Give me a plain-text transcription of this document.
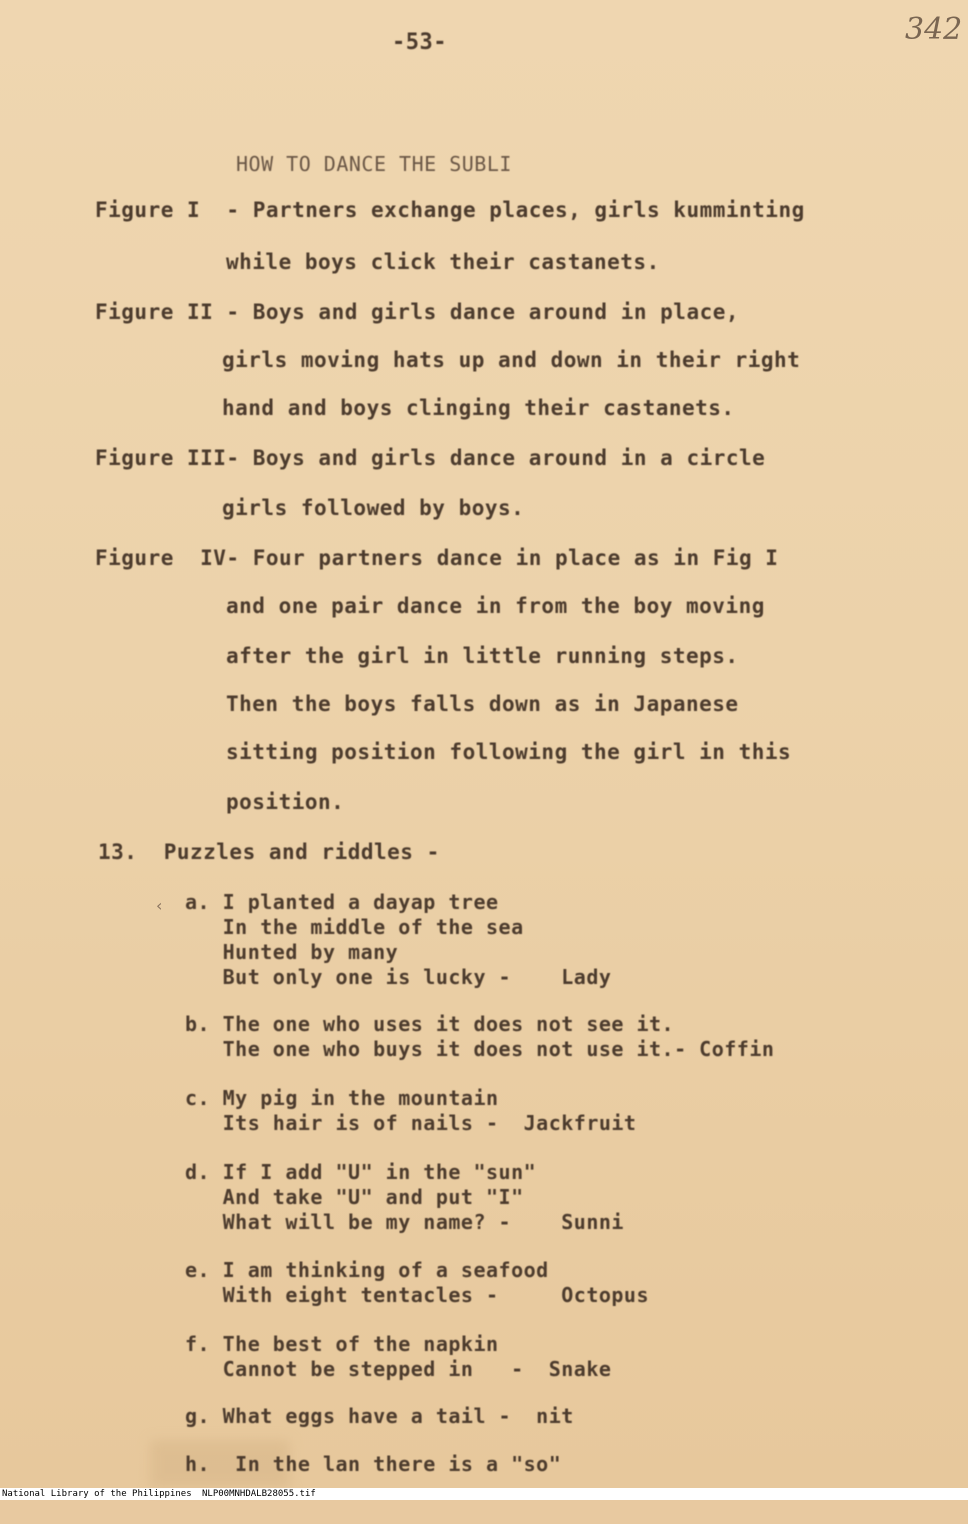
-53-	342
HOW TO DANCE THE SUBLI
Figure I  - Partners exchange places, girls kumminting
while boys click their castanets.
Figure II - Boys and girls dance around in place,
girls moving hats up and down in their right
hand and boys clinging their castanets.
Figure III- Boys and girls dance around in a circle
girls followed by boys.
Figure  IV- Four partners dance in place as in Fig I
and one pair dance in from the boy moving
after the girl in little running steps.
Then the boys falls down as in Japanese
sitting position following the girl in this
position.
13.  Puzzles and riddles -
‹ a. I planted a dayap tree
In the middle of the sea
Hunted by many
But only one is lucky -    Lady
b. The one who uses it does not see it.
The one who buys it does not use it.- Coffin
c. My pig in the mountain
Its hair is of nails -  Jackfruit
d. If I add "U" in the "sun"
And take "U" and put "I"
What will be my name? -    Sunni
e. I am thinking of a seafood
With eight tentacles -     Octopus
f. The best of the napkin
Cannot be stepped in   -  Snake
g. What eggs have a tail -  nit
h.  In the lan there is a "so"

National Library of the Philippines

NLP00MNHDALB28055.tif
